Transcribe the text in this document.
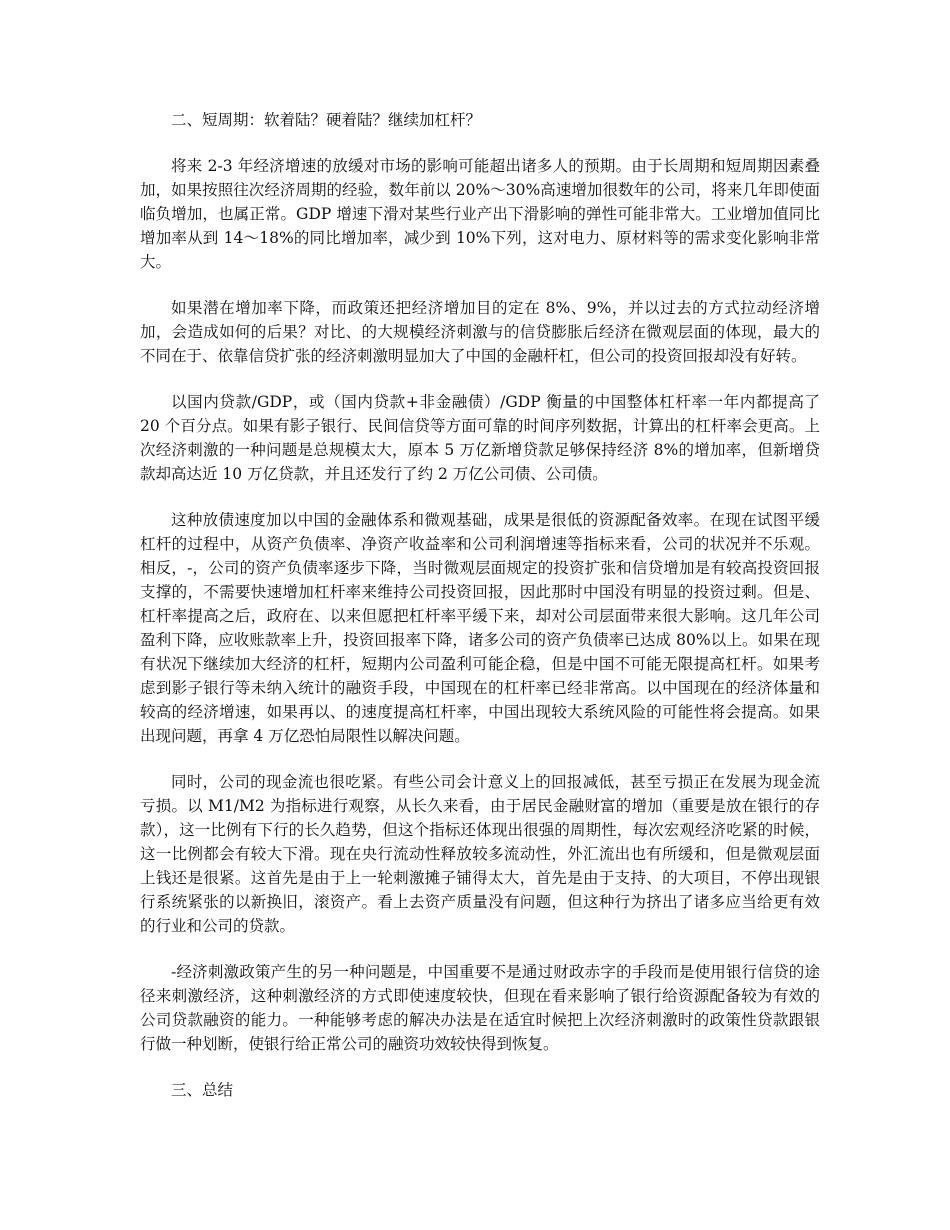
二、短周期：软着陆？硬着陆？继续加杠杆？

将来 2-3 年经济增速的放缓对市场的影响可能超出诸多人的预期。由于长周期和短周期因素叠加，如果按照往次经济周期的经验，数年前以 20%～30%高速增加很数年的公司，将来几年即使面临负增加，也属正常。GDP 增速下滑对某些行业产出下滑影响的弹性可能非常大。工业增加值同比增加率从到 14～18%的同比增加率，减少到 10%下列，这对电力、原材料等的需求变化影响非常大。

如果潜在增加率下降，而政策还把经济增加目的定在 8%、9%，并以过去的方式拉动经济增加，会造成如何的后果？对比、的大规模经济刺激与的信贷膨胀后经济在微观层面的体现，最大的不同在于、依靠信贷扩张的经济刺激明显加大了中国的金融杆杠，但公司的投资回报却没有好转。

以国内贷款/GDP，或（国内贷款+非金融债）/GDP 衡量的中国整体杠杆率一年内都提高了 20 个百分点。如果有影子银行、民间信贷等方面可靠的时间序列数据，计算出的杠杆率会更高。上次经济刺激的一种问题是总规模太大，原本 5 万亿新增贷款足够保持经济 8%的增加率，但新增贷款却高达近 10 万亿贷款，并且还发行了约 2 万亿公司债、公司债。

这种放债速度加以中国的金融体系和微观基础，成果是很低的资源配备效率。在现在试图平缓杠杆的过程中，从资产负债率、净资产收益率和公司利润增速等指标来看，公司的状况并不乐观。相反，-，公司的资产负债率逐步下降，当时微观层面规定的投资扩张和信贷增加是有较高投资回报支撑的，不需要快速增加杠杆率来维持公司投资回报，因此那时中国没有明显的投资过剩。但是、杠杆率提高之后，政府在、以来但愿把杠杆率平缓下来，却对公司层面带来很大影响。这几年公司盈利下降，应收账款率上升，投资回报率下降，诸多公司的资产负债率已达成 80%以上。如果在现有状况下继续加大经济的杠杆，短期内公司盈利可能企稳，但是中国不可能无限提高杠杆。如果考虑到影子银行等未纳入统计的融资手段，中国现在的杠杆率已经非常高。以中国现在的经济体量和较高的经济增速，如果再以、的速度提高杠杆率，中国出现较大系统风险的可能性将会提高。如果出现问题，再拿 4 万亿恐怕局限性以解决问题。

同时，公司的现金流也很吃紧。有些公司会计意义上的回报减低，甚至亏损正在发展为现金流亏损。以 M1/M2 为指标进行观察，从长久来看，由于居民金融财富的增加（重要是放在银行的存款），这一比例有下行的长久趋势，但这个指标还体现出很强的周期性，每次宏观经济吃紧的时候，这一比例都会有较大下滑。现在央行流动性释放较多流动性，外汇流出也有所缓和，但是微观层面上钱还是很紧。这首先是由于上一轮刺激摊子铺得太大，首先是由于支持、的大项目，不停出现银行系统紧张的以新换旧，滚资产。看上去资产质量没有问题，但这种行为挤出了诸多应当给更有效的行业和公司的贷款。

-经济刺激政策产生的另一种问题是，中国重要不是通过财政赤字的手段而是使用银行信贷的途径来刺激经济，这种刺激经济的方式即使速度较快，但现在看来影响了银行给资源配备较为有效的公司贷款融资的能力。一种能够考虑的解决办法是在适宜时候把上次经济刺激时的政策性贷款跟银行做一种划断，使银行给正常公司的融资功效较快得到恢复。

三、总结
